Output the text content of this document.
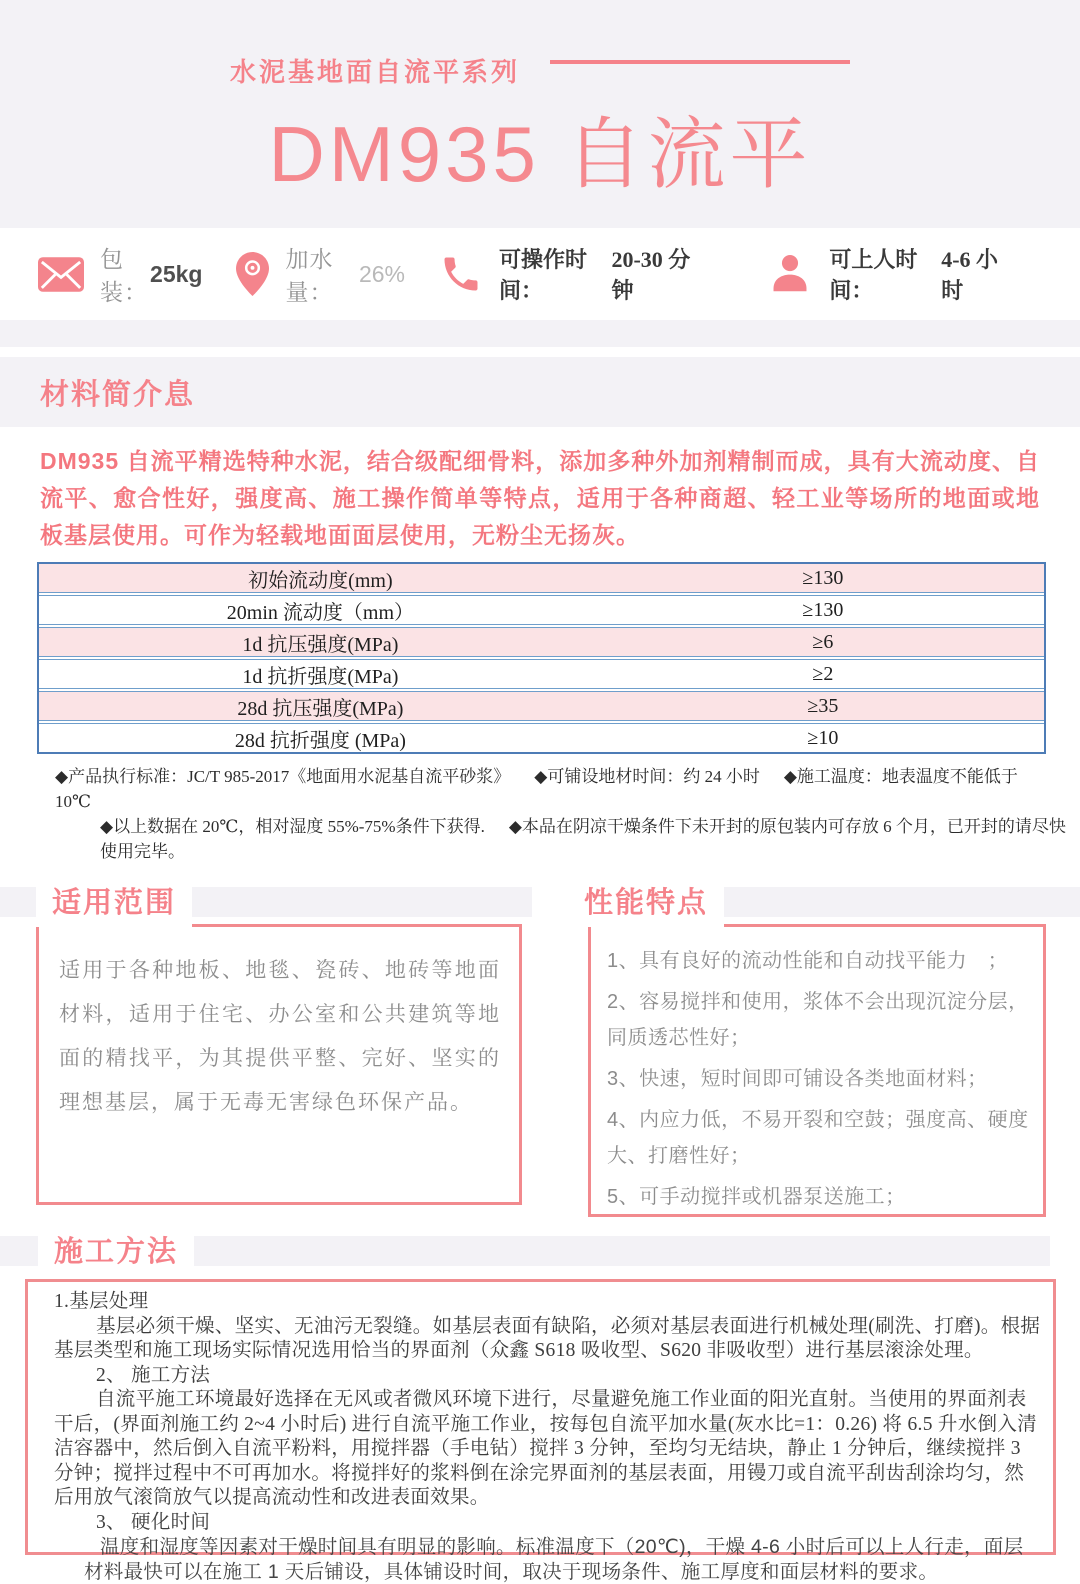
水泥基地面自流平系列
DM935 自流平
包装：
25kg
加水量：
26%
可操作时间：
20-30 分钟
可上人时间：
4-6 小时
材料简介息
DM935 自流平精选特种水泥，结合级配细骨料，添加多种外加剂精制而成，具有大流动度、自流平、愈合性好，强度高、施工操作简单等特点，适用于各种商超、轻工业等场所的地面或地板基层使用。可作为轻载地面面层使用，无粉尘无扬灰。
初始流动度(mm)	≥130
20min 流动度（mm）	≥130
1d 抗压强度(MPa)	≥6
1d 抗折强度(MPa)	≥2
28d 抗压强度(MPa)	≥35
28d 抗折强度 (MPa)	≥10
◆产品执行标准：JC/T 985-2017《地面用水泥基自流平砂浆》 ◆可铺设地材时间：约 24 小时 ◆施工温度：地表温度不能低于 10℃
◆以上数据在 20℃，相对湿度 55%-75%条件下获得. ◆本品在阴凉干燥条件下未开封的原包装内可存放 6 个月，已开封的请尽快使用完毕。
适用范围
适用于各种地板、地毯、瓷砖、地砖等地面材料，适用于住宅、办公室和公共建筑等地面的精找平，为其提供平整、完好、坚实的理想基层，属于无毒无害绿色环保产品。
性能特点
1、具有良好的流动性能和自动找平能力　；
2、容易搅拌和使用，浆体不会出现沉淀分层，同质透芯性好；
3、快速，短时间即可铺设各类地面材料；
4、内应力低，不易开裂和空鼓；强度高、硬度大、打磨性好；
5、可手动搅拌或机器泵送施工；
施工方法

1.基层处理

基层必须干燥、坚实、无油污无裂缝。如基层表面有缺陷，必须对基层表面进行机械处理(刷洗、打磨)。根据基层类型和施工现场实际情况选用恰当的界面剂（众鑫 S618 吸收型、S620 非吸收型）进行基层滚涂处理。

2、 施工方法

自流平施工环境最好选择在无风或者微风环境下进行，尽量避免施工作业面的阳光直射。当使用的界面剂表干后，(界面剂施工约 2~4 小时后) 进行自流平施工作业，按每包自流平加水量(灰水比=1：0.26) 将 6.5 升水倒入清洁容器中，然后倒入自流平粉料，用搅拌器（手电钻）搅拌 3 分钟，至均匀无结块，静止 1 分钟后，继续搅拌 3 分钟；搅拌过程中不可再加水。将搅拌好的浆料倒在涂完界面剂的基层表面，用镘刀或自流平刮齿刮涂均匀，然后用放气滚筒放气以提高流动性和改进表面效果。

3、 硬化时间

温度和湿度等因素对干燥时间具有明显的影响。标准温度下（20℃)，干燥 4-6 小时后可以上人行走，面层材料最快可以在施工 1 天后铺设，具体铺设时间，取决于现场条件、施工厚度和面层材料的要求。
